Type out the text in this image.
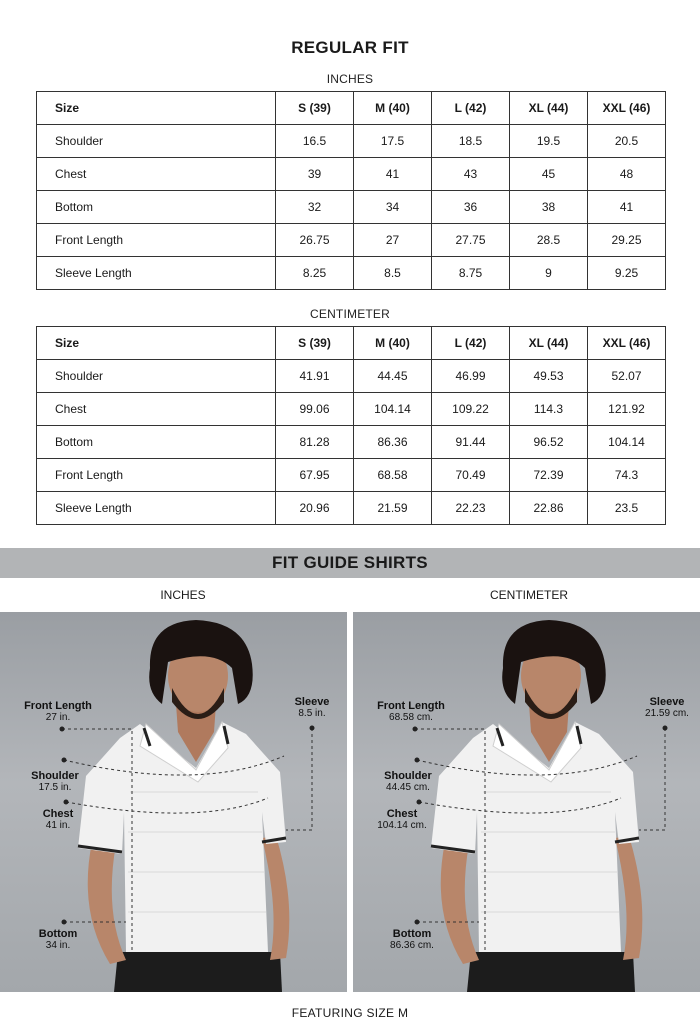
REGULAR FIT
INCHES
Size	S (39)	M (40)	L (42)	XL (44)	XXL (46)
Shoulder	16.5	17.5	18.5	19.5	20.5
Chest	39	41	43	45	48
Bottom	32	34	36	38	41
Front Length	26.75	27	27.75	28.5	29.25
Sleeve Length	8.25	8.5	8.75	9	9.25
CENTIMETER
Size	S (39)	M (40)	L (42)	XL (44)	XXL (46)
Shoulder	41.91	44.45	46.99	49.53	52.07
Chest	99.06	104.14	109.22	114.3	121.92
Bottom	81.28	86.36	91.44	96.52	104.14
Front Length	67.95	68.58	70.49	72.39	74.3
Sleeve Length	20.96	21.59	22.23	22.86	23.5
FIT GUIDE SHIRTS
INCHES	CENTIMETER
Front Length
27 in.
Sleeve
8.5 in.
Shoulder
17.5 in.
Chest
41 in.
Bottom
34 in.
Front Length
68.58 cm.
Sleeve
21.59 cm.
Shoulder
44.45 cm.
Chest
104.14 cm.
Bottom
86.36 cm.
FEATURING SIZE M
